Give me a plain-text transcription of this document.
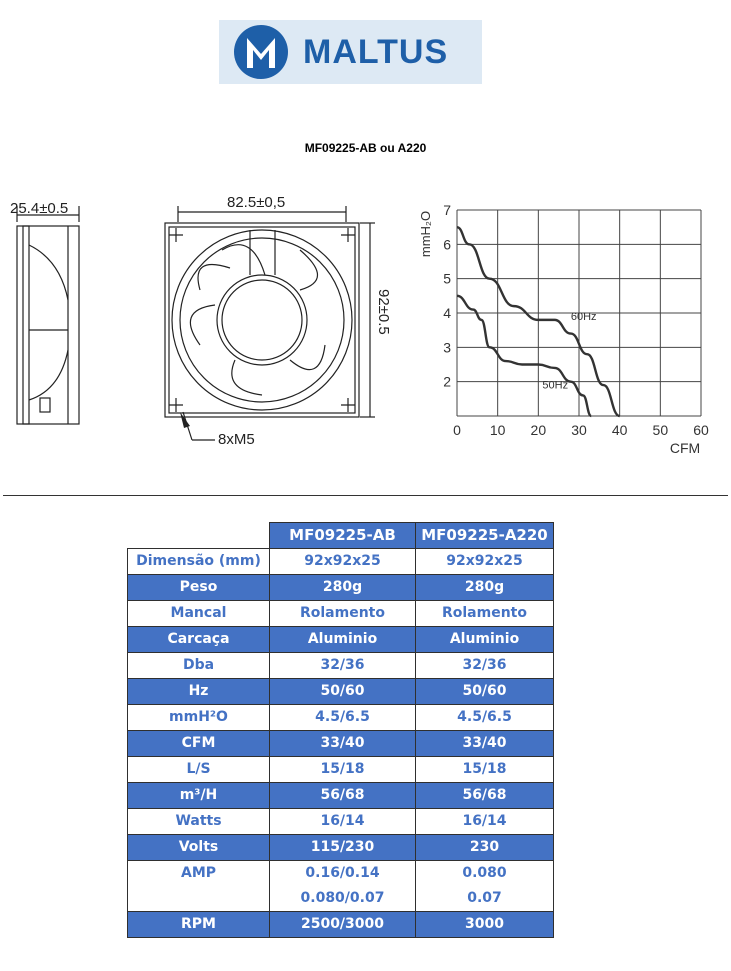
MALTUS
MF09225-AB ou A220
25.4±0.5	82.5±0,5
92±0.5
8xM5
0 10 20 30 40 50 60
2
3
4
5
6
7
CFM
mmH₂O
60Hz
50Hz
	MF09225-AB	MF09225-A220
Dimensão (mm)	92x92x25	92x92x25
Peso	280g	280g
Mancal	Rolamento	Rolamento
Carcaça	Aluminio	Aluminio
Dba	32/36	32/36
Hz	50/60	50/60
mmH²O	4.5/6.5	4.5/6.5
CFM	33/40	33/40
L/S	15/18	15/18
m³/H	56/68	56/68
Watts	16/14	16/14
Volts	115/230	230
AMP	0.16/0.14	0.080
	0.080/0.07	0.07
RPM	2500/3000	3000
